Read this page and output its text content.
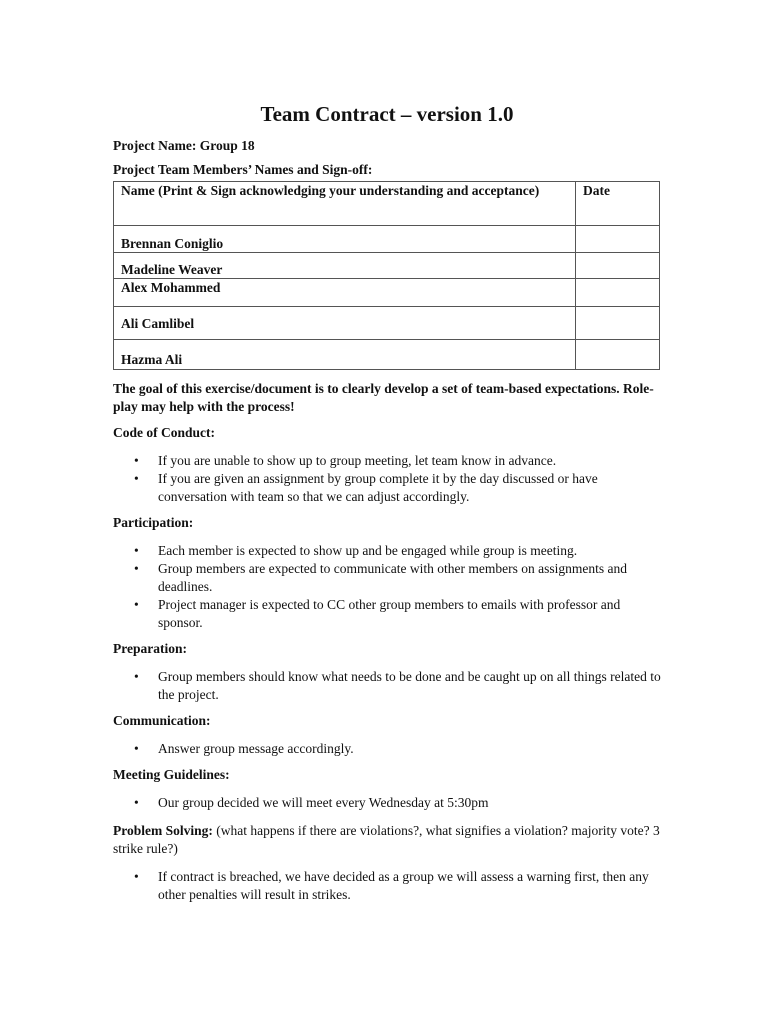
Team Contract – version 1.0

Project Name: Group 18

Project Team Members’ Names and Sign-off:

Name (Print & Sign acknowledging your understanding and acceptance)	Date
Brennan Coniglio	
Madeline Weaver	
Alex Mohammed	
Ali Camlibel	
Hazma Ali	

The goal of this exercise/document is to clearly develop a set of team-based expectations. Role-play may help with the process!

Code of Conduct:

• If you are unable to show up to group meeting, let team know in advance.
• If you are given an assignment by group complete it by the day discussed or have conversation with team so that we can adjust accordingly.

Participation:

• Each member is expected to show up and be engaged while group is meeting.
• Group members are expected to communicate with other members on assignments and deadlines.
• Project manager is expected to CC other group members to emails with professor and sponsor.

Preparation:

• Group members should know what needs to be done and be caught up on all things related to the project.

Communication:

• Answer group message accordingly.

Meeting Guidelines:

• Our group decided we will meet every Wednesday at 5:30pm

Problem Solving: (what happens if there are violations?, what signifies a violation? majority vote? 3 strike rule?)

• If contract is breached, we have decided as a group we will assess a warning first, then any other penalties will result in strikes.
